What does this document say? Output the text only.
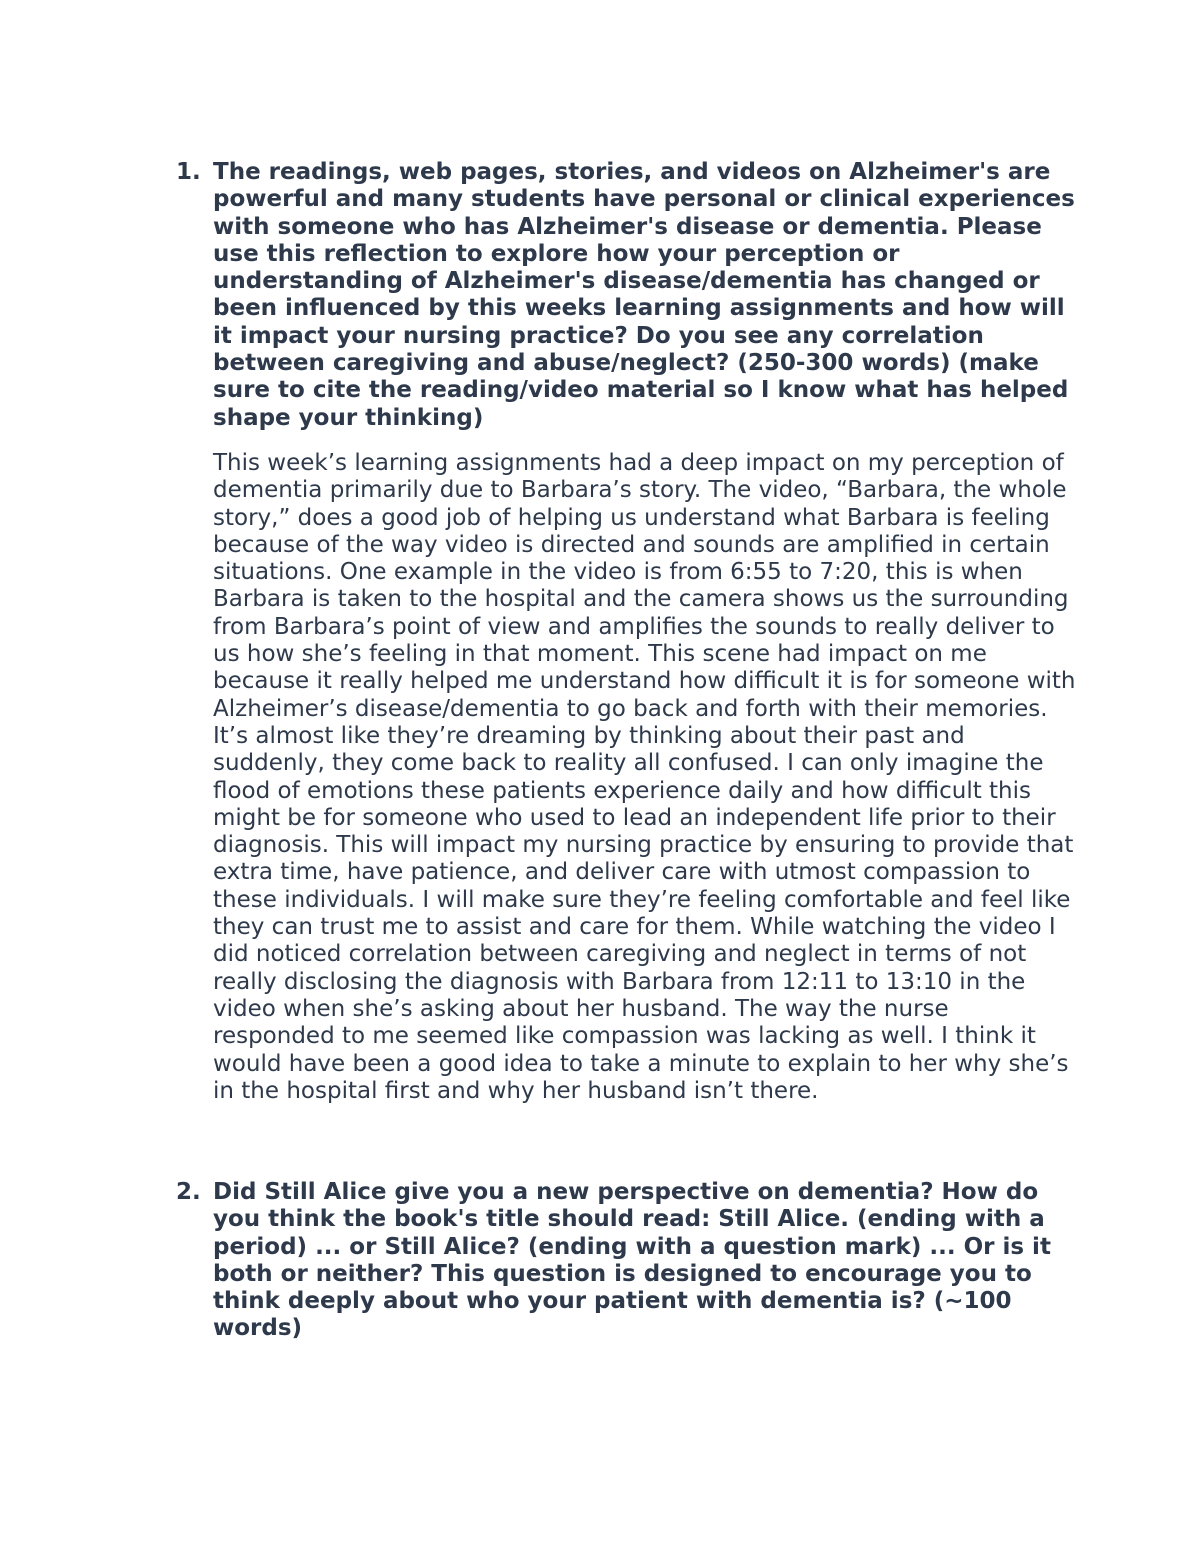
1. The readings, web pages, stories, and videos on Alzheimer's are powerful and many students have personal or clinical experiences with someone who has Alzheimer's disease or dementia. Please use this reflection to explore how your perception or understanding of Alzheimer's disease/dementia has changed or been influenced by this weeks learning assignments and how will it impact your nursing practice? Do you see any correlation between caregiving and abuse/neglect? (250-300 words) (make sure to cite the reading/video material so I know what has helped shape your thinking)

This week’s learning assignments had a deep impact on my perception of dementia primarily due to Barbara’s story. The video, “Barbara, the whole story,” does a good job of helping us understand what Barbara is feeling because of the way video is directed and sounds are amplified in certain situations. One example in the video is from 6:55 to 7:20, this is when Barbara is taken to the hospital and the camera shows us the surrounding from Barbara’s point of view and amplifies the sounds to really deliver to us how she’s feeling in that moment. This scene had impact on me because it really helped me understand how difficult it is for someone with Alzheimer’s disease/dementia to go back and forth with their memories. It’s almost like they’re dreaming by thinking about their past and suddenly, they come back to reality all confused. I can only imagine the flood of emotions these patients experience daily and how difficult this might be for someone who used to lead an independent life prior to their diagnosis. This will impact my nursing practice by ensuring to provide that extra time, have patience, and deliver care with utmost compassion to these individuals. I will make sure they’re feeling comfortable and feel like they can trust me to assist and care for them. While watching the video I did noticed correlation between caregiving and neglect in terms of not really disclosing the diagnosis with Barbara from 12:11 to 13:10 in the video when she’s asking about her husband. The way the nurse responded to me seemed like compassion was lacking as well. I think it would have been a good idea to take a minute to explain to her why she’s in the hospital first and why her husband isn’t there.

2. Did Still Alice give you a new perspective on dementia? How do you think the book's title should read: Still Alice. (ending with a period) ... or Still Alice? (ending with a question mark) ... Or is it both or neither? This question is designed to encourage you to think deeply about who your patient with dementia is? (~100 words)
